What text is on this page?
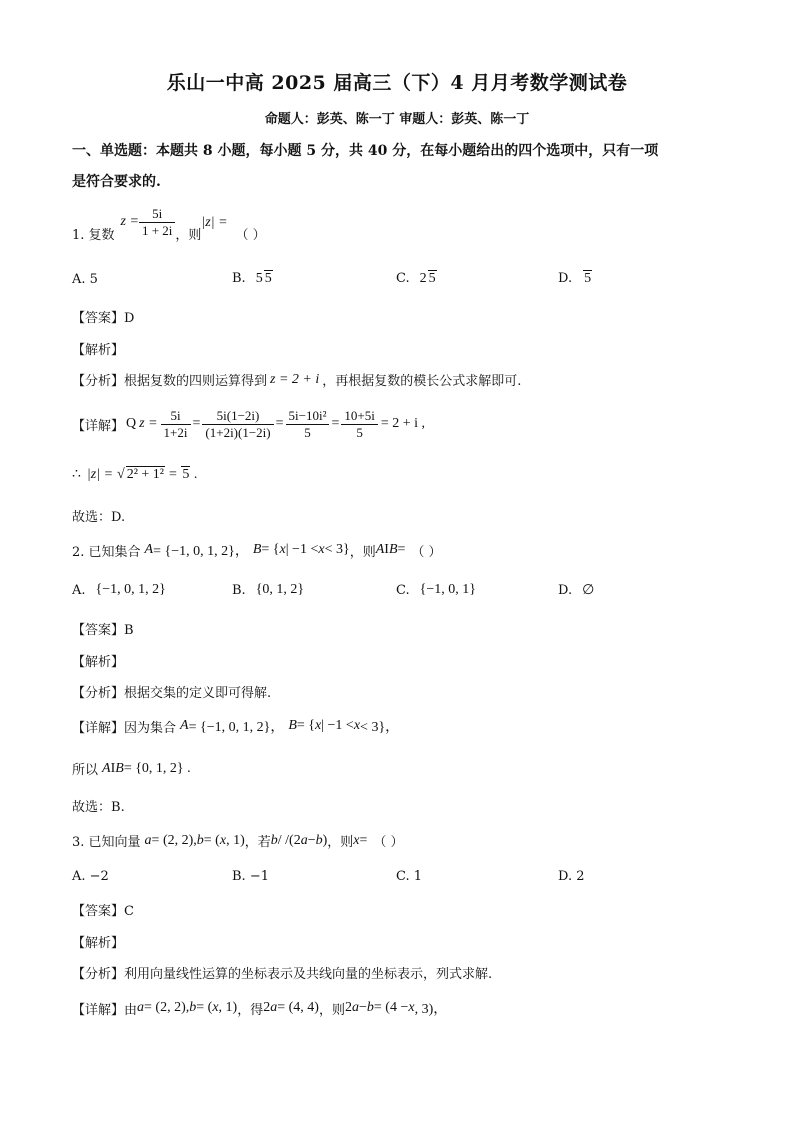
乐山一中高 2025 届高三（下）4 月月考数学测试卷
命题人：彭英、陈一丁 审题人：彭英、陈一丁
一、单选题：本题共 8 小题，每小题 5 分，共 40 分，在每小题给出的四个选项中，只有一项
是符合要求的.
1. 复数
$z = \frac{5i}{1 + 2i}$ ，则
|z| =
（ ）
A. 5	B. 5 5	C. 2 5	D. 5
【答案】D
【解析】
【分析】 根据复数的四则运算得到 z = 2 + i ，再根据复数的模长公式求解即可.
【详解】 Q $z = \frac{5i}{1+2i} = \frac{5i(1-2i)}{(1+2i)(1-2i)} = \frac{\text{5i−10i²}}{5} = \frac{10+5i}{5} = 2 + i$ ,
∴ |z| = √ 2² + 1² = 5 .
故选：D.
2. 已知集合 A = {−1, 0, 1, 2}， B = { x | −1 < x < 3} ，则 A I B = （ ）
A. {−1, 0, 1, 2}	B. {0, 1, 2}	C. {−1, 0, 1}	D. ∅
【答案】B
【解析】
【分析】根据交集的定义即可得解.
【详解】 因为集合 A = {−1, 0, 1, 2}， B = { x | −1 < x < 3}，
所以 A I B = {0, 1, 2} .
故选：B.
3. 已知向量 a = (2, 2), b = ( x , 1) ，若 b / /(2 a − b ) ，则 x = （ ）
A. −2	B. −1	C. 1	D. 2
【答案】C
【解析】
【分析】利用向量线性运算的坐标表示及共线向量的坐标表示，列式求解.
【详解】 由 a = (2, 2), b = ( x , 1) ，得 2 a = (4, 4) ，则 2 a − b = (4 − x , 3)，
